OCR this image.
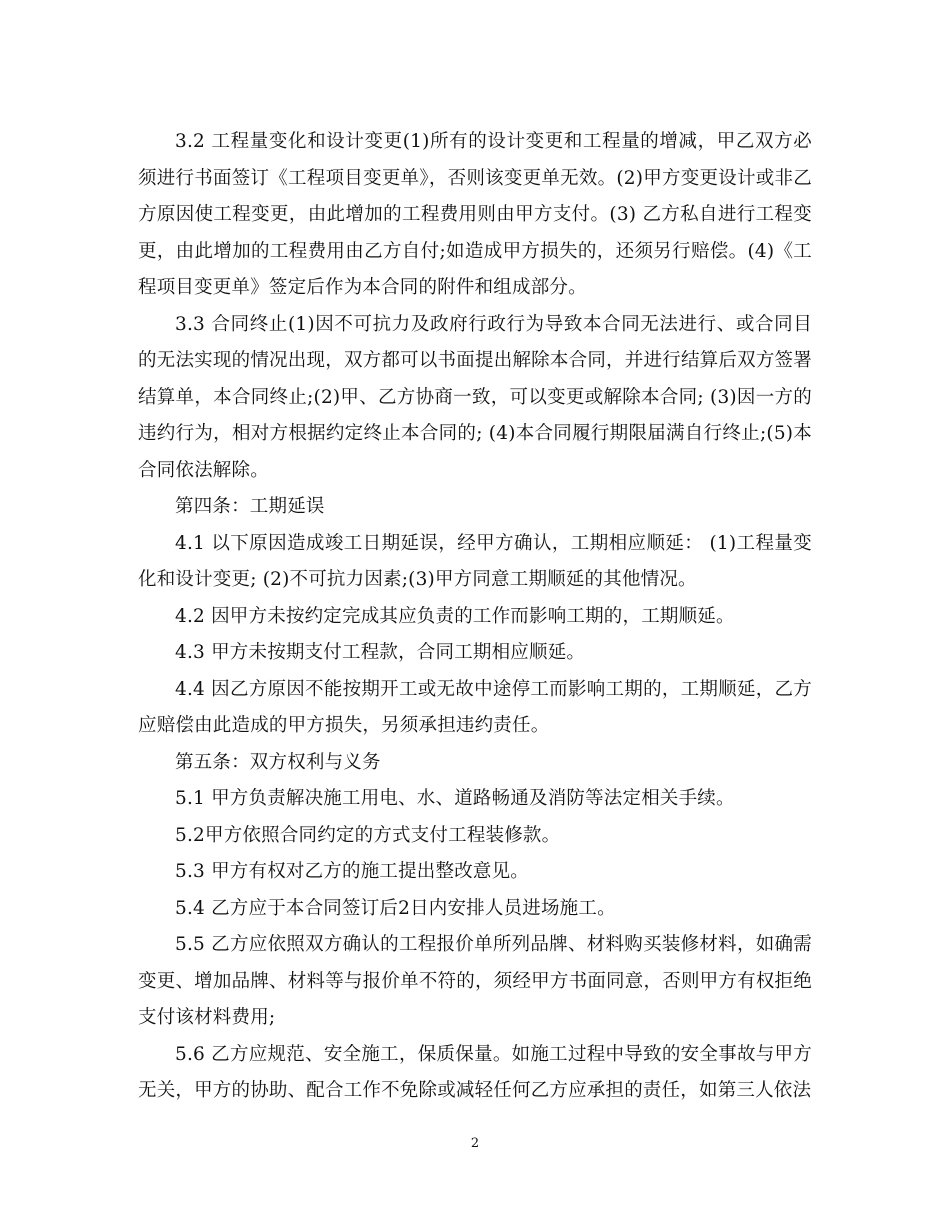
3.2 工程量变化和设计变更(1)所有的设计变更和工程量的增减，甲乙双方必须进行书面签订《工程项目变更单》，否则该变更单无效。(2)甲方变更设计或非乙方原因使工程变更，由此增加的工程费用则由甲方支付。(3) 乙方私自进行工程变更，由此增加的工程费用由乙方自付;如造成甲方损失的，还须另行赔偿。(4)《工程项目变更单》签定后作为本合同的附件和组成部分。

3.3 合同终止(1)因不可抗力及政府行政行为导致本合同无法进行、或合同目的无法实现的情况出现，双方都可以书面提出解除本合同，并进行结算后双方签署结算单，本合同终止;(2)甲、乙方协商一致，可以变更或解除本合同; (3)因一方的违约行为，相对方根据约定终止本合同的; (4)本合同履行期限届满自行终止;(5)本合同依法解除。

第四条：工期延误

4.1 以下原因造成竣工日期延误，经甲方确认，工期相应顺延： (1)工程量变化和设计变更; (2)不可抗力因素;(3)甲方同意工期顺延的其他情况。

4.2 因甲方未按约定完成其应负责的工作而影响工期的，工期顺延。

4.3 甲方未按期支付工程款，合同工期相应顺延。

4.4 因乙方原因不能按期开工或无故中途停工而影响工期的，工期顺延，乙方应赔偿由此造成的甲方损失，另须承担违约责任。

第五条：双方权利与义务

5.1 甲方负责解决施工用电、水、道路畅通及消防等法定相关手续。

5.2甲方依照合同约定的方式支付工程装修款。

5.3 甲方有权对乙方的施工提出整改意见。

5.4 乙方应于本合同签订后2日内安排人员进场施工。

5.5 乙方应依照双方确认的工程报价单所列品牌、材料购买装修材料，如确需变更、增加品牌、材料等与报价单不符的，须经甲方书面同意，否则甲方有权拒绝支付该材料费用;

5.6 乙方应规范、安全施工，保质保量。如施工过程中导致的安全事故与甲方无关，甲方的协助、配合工作不免除或减轻任何乙方应承担的责任，如第三人依法

2
